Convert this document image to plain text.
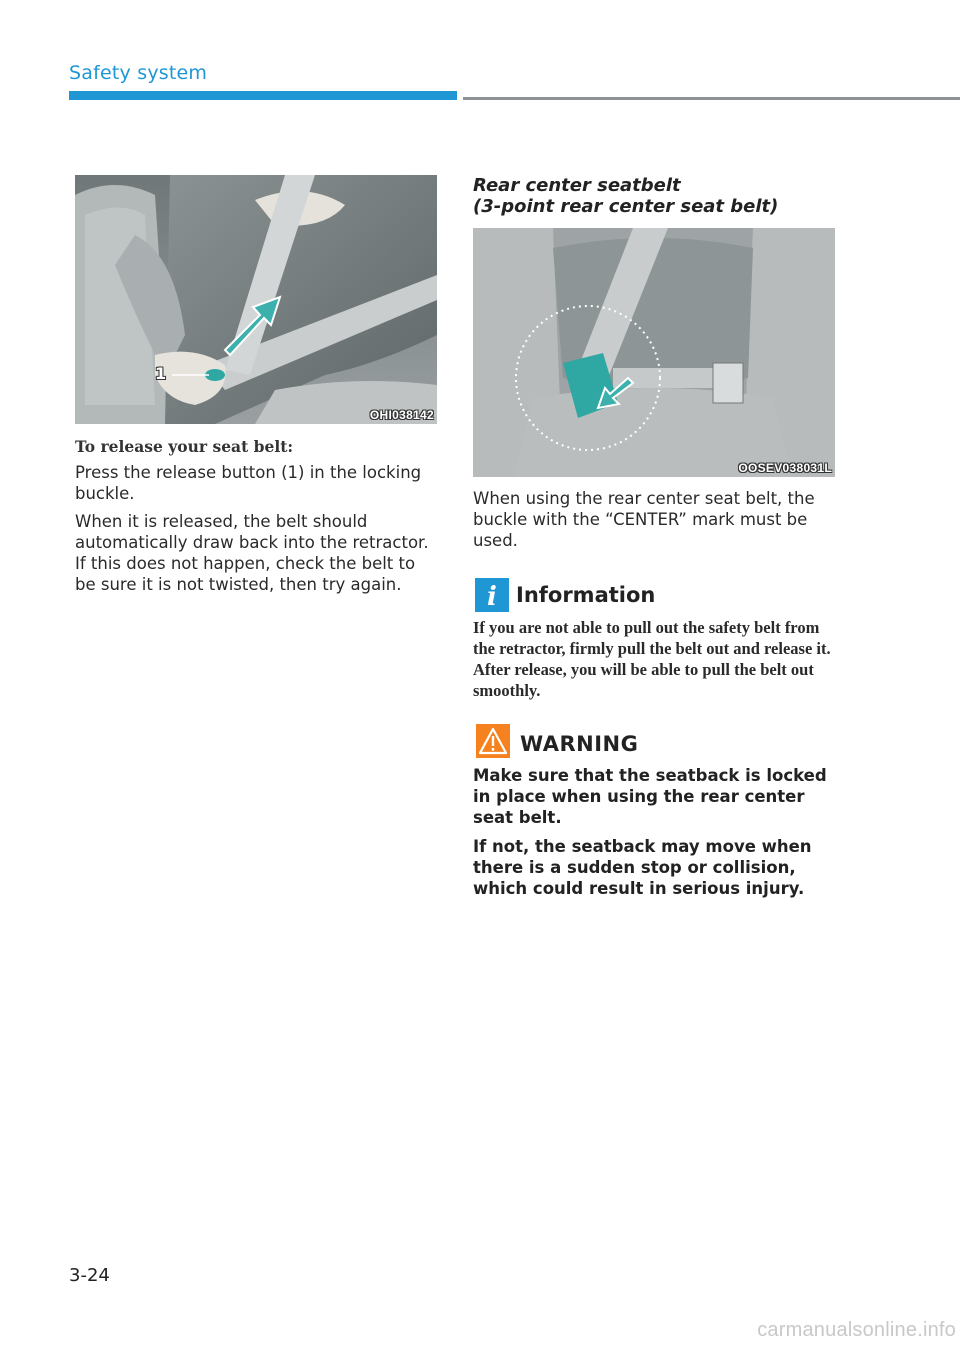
Safety system
1
OHI038142
To release your seat belt:
Press the release button (1) in the locking buckle.
When it is released, the belt should automatically draw back into the retractor. If this does not happen, check the belt to be sure it is not twisted, then try again.
Rear center seatbelt
(3-point rear center seat belt)
OOSEV038031L
When using the rear center seat belt, the buckle with the “CENTER” mark must be used.
i Information
If you are not able to pull out the safety belt from the retractor, firmly pull the belt out and release it. After release, you will be able to pull the belt out smoothly.
WARNING
Make sure that the seatback is locked in place when using the rear center seat belt.
If not, the seatback may move when there is a sudden stop or collision, which could result in serious injury.
3-24
carmanualsonline.info
